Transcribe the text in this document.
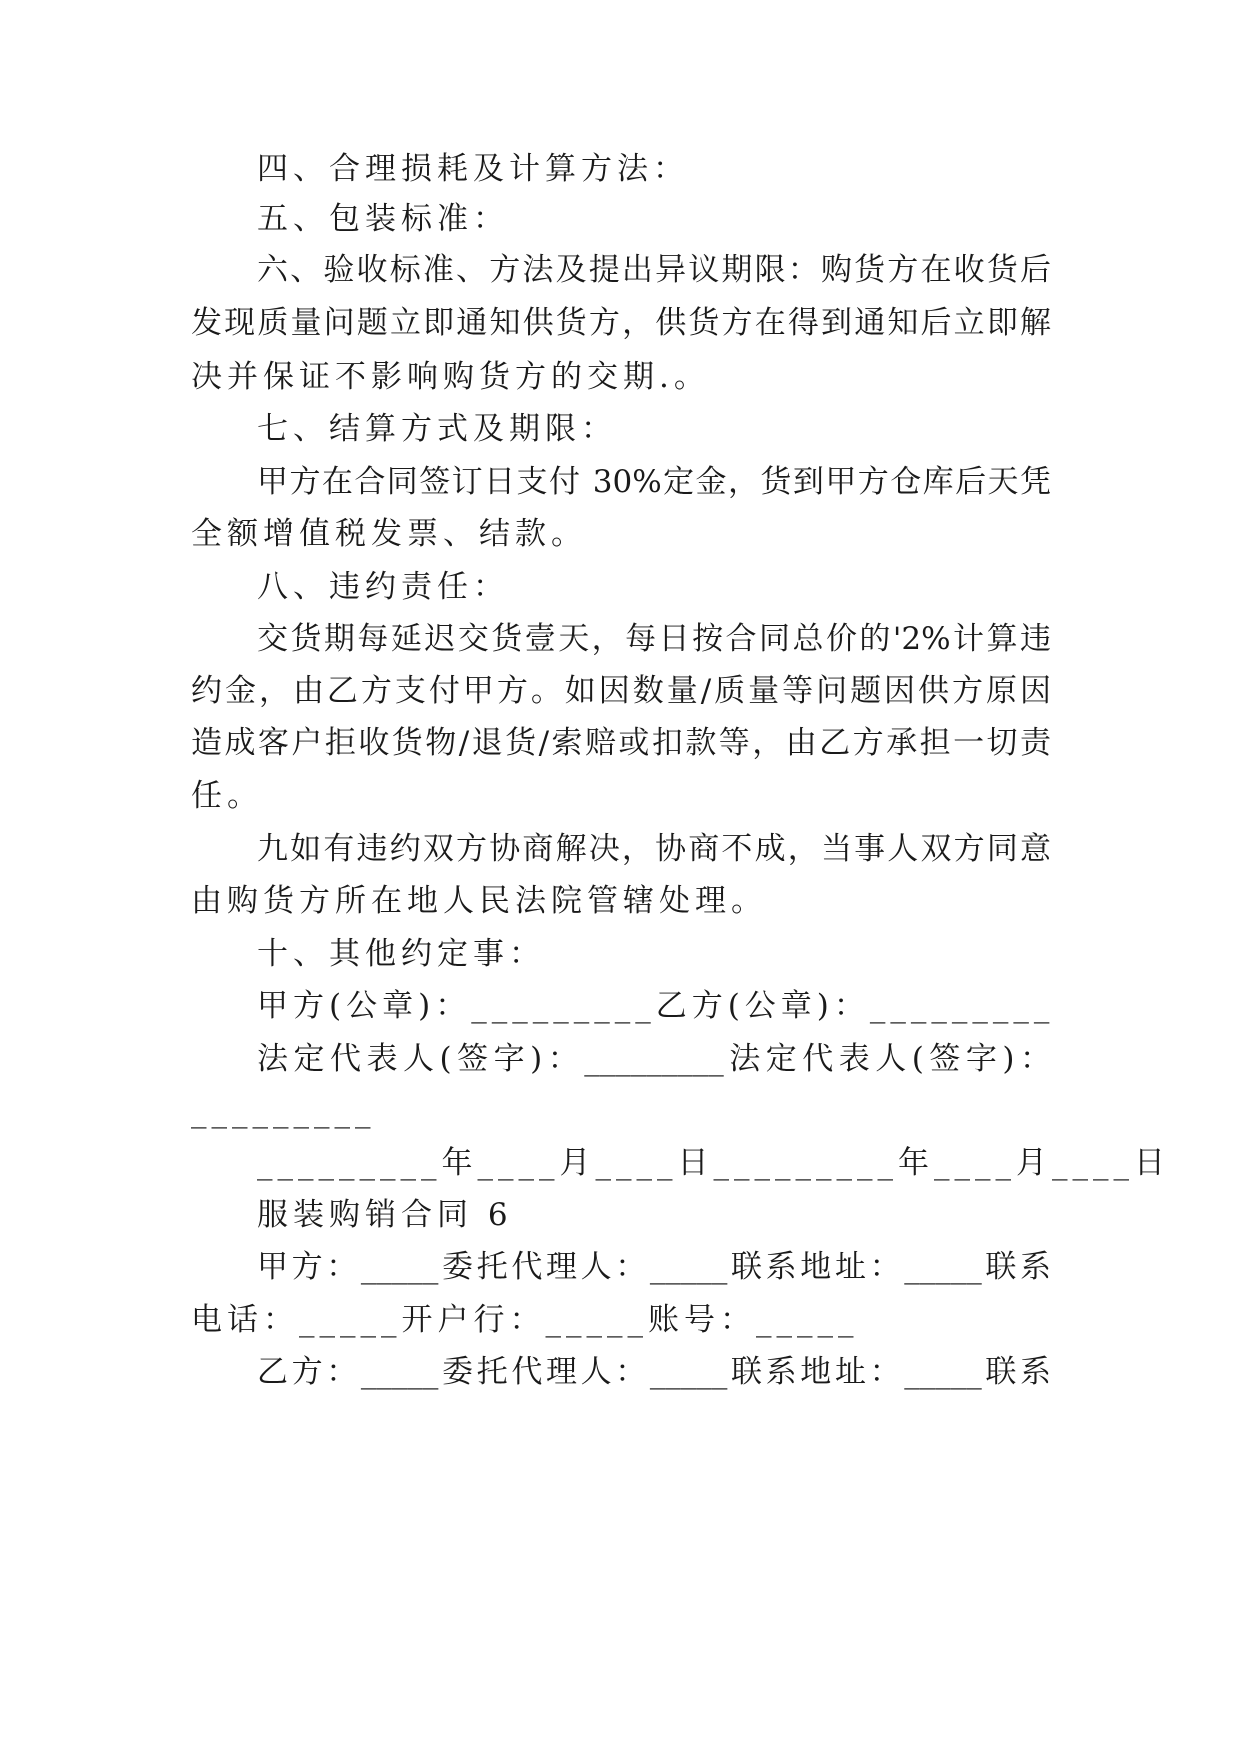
四、合理损耗及计算方法：
五、包装标准：
六、验收标准、方法及提出异议期限：购货方在收货后
发现质量问题立即通知供货方，供货方在得到通知后立即解
决并保证不影响购货方的交期.。
七、结算方式及期限：
甲方在合同签订日支付 30%定金，货到甲方仓库后天凭
全额增值税发票、结款。
八、违约责任：
交货期每延迟交货壹天，每日按合同总价的'2%计算违
约金，由乙方支付甲方。如因数量/质量等问题因供方原因
造成客户拒收货物/退货/索赔或扣款等，由乙方承担一切责
任。
九如有违约双方协商解决，协商不成，当事人双方同意
由购货方所在地人民法院管辖处理。
十、其他约定事：
甲方(公章)：_________乙方(公章)：_________
法定代表人(签字)：_________法定代表人(签字)：
_________
_________年____月____日_________年____月____日
服装购销合同 6
甲方：_____委托代理人：_____联系地址：_____联系
电话：_____开户行：_____账号：_____
乙方：_____委托代理人：_____联系地址：_____联系
